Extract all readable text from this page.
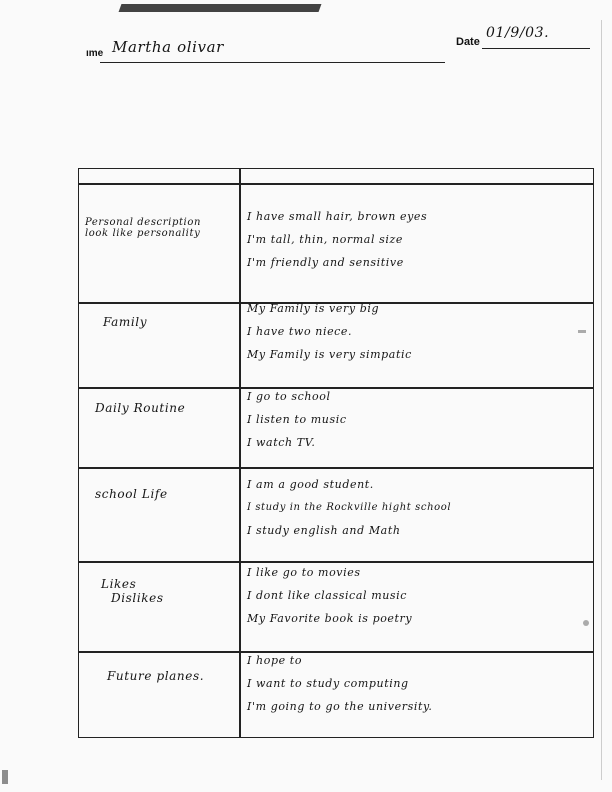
ıme Martha olivar	Date
01/9/03.
Personal description
look like personality
I have small hair, brown eyes
I'm tall, thin, normal size
I'm friendly and sensitive
Family
My Family is very big
I have two niece.
My Family is very simpatic
Daily Routine
I go to school
I listen to music
I watch TV.
school Life
I am a good student.
I study in the Rockville hight school
I study english and Math
Likes
Dislikes
I like go to movies
I dont like classical music
My Favorite book is poetry
Future planes.
I hope to
I want to study computing
I'm going to go the university.
